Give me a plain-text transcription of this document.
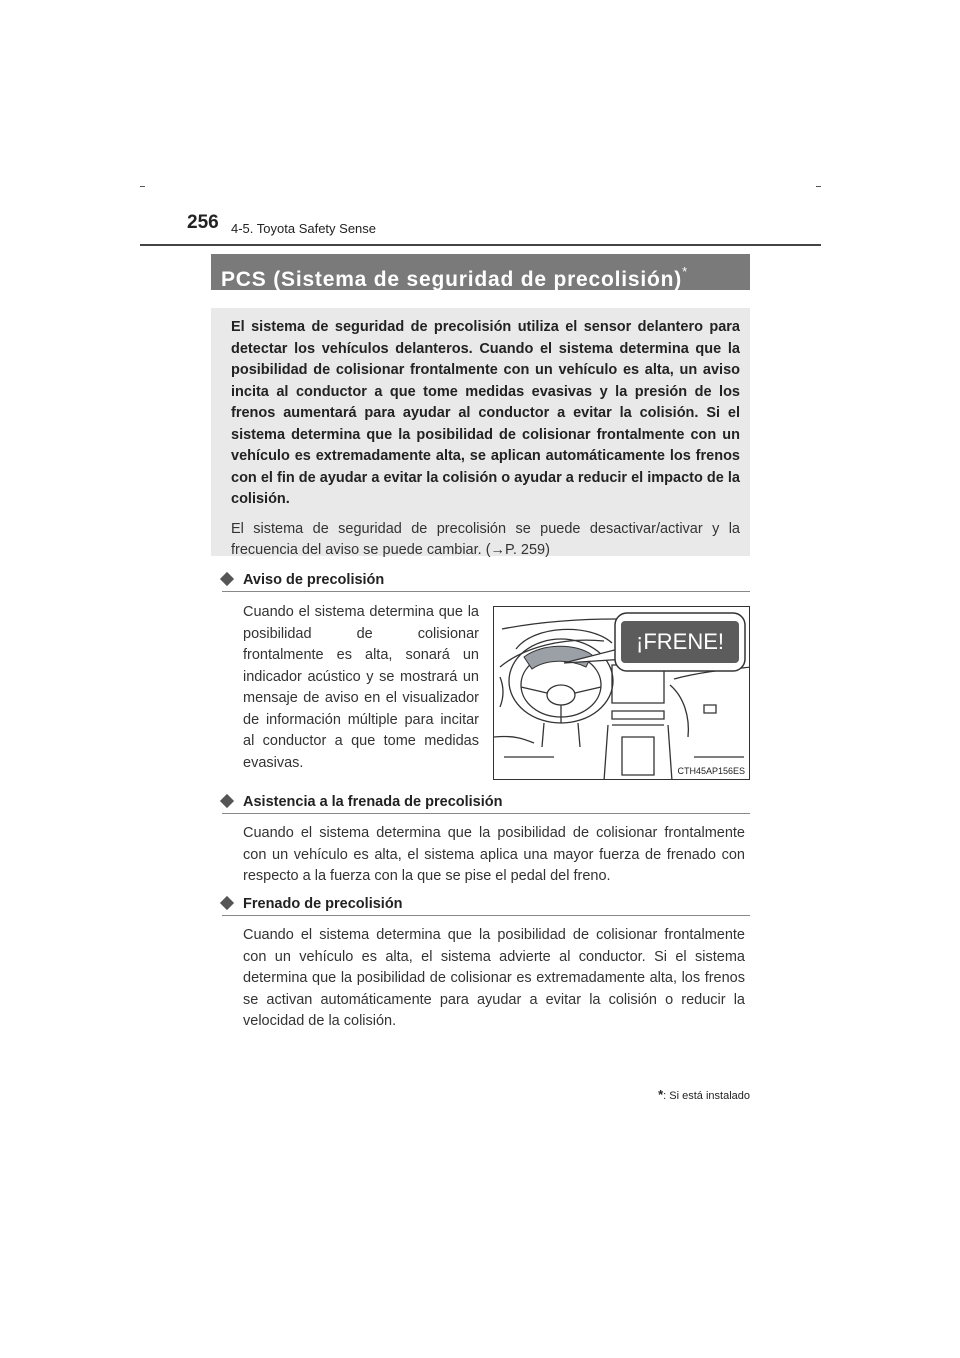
256 4-5. Toyota Safety Sense
PCS (Sistema de seguridad de precolisión)*
El sistema de seguridad de precolisión utiliza el sensor delantero para detectar los vehículos delanteros. Cuando el sistema determina que la posibilidad de colisionar frontalmente con un vehículo es alta, un aviso incita al conductor a que tome medidas evasivas y la presión de los frenos aumentará para ayudar al conductor a evitar la colisión. Si el sistema determina que la posibilidad de colisionar frontalmente con un vehículo es extremadamente alta, se aplican automáticamente los frenos con el fin de ayudar a evitar la colisión o ayudar a reducir el impacto de la colisión.
El sistema de seguridad de precolisión se puede desactivar/activar y la frecuencia del aviso se puede cambiar. (→P. 259)
Aviso de precolisión
Cuando el sistema determina que la posibilidad de colisionar frontalmente es alta, sonará un indicador acústico y se mostrará un mensaje de aviso en el visualizador de información múltiple para incitar al conductor a que tome medidas evasivas.
¡FRENE!
CTH45AP156ES
Asistencia a la frenada de precolisión
Cuando el sistema determina que la posibilidad de colisionar frontalmente con un vehículo es alta, el sistema aplica una mayor fuerza de frenado con respecto a la fuerza con la que se pise el pedal del freno.
Frenado de precolisión
Cuando el sistema determina que la posibilidad de colisionar frontalmente con un vehículo es alta, el sistema advierte al conductor. Si el sistema determina que la posibilidad de colisionar es extremadamente alta, los frenos se activan automáticamente para ayudar a evitar la colisión o reducir la velocidad de la colisión.
*: Si está instalado
